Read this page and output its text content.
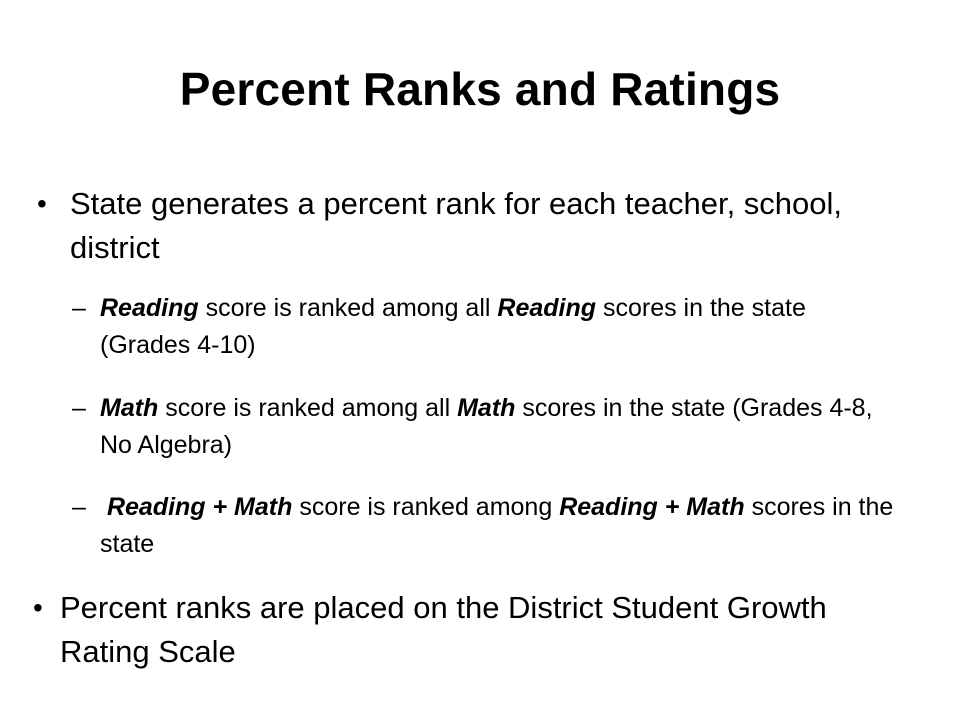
Percent Ranks and Ratings
• State generates a percent rank for each teacher, school, district
– Reading score is ranked among all Reading scores in the state (Grades 4-10)
– Math score is ranked among all Math scores in the state (Grades 4-8, No Algebra)
– Reading + Math score is ranked among Reading + Math scores in the state
• Percent ranks are placed on the District Student Growth Rating Scale
